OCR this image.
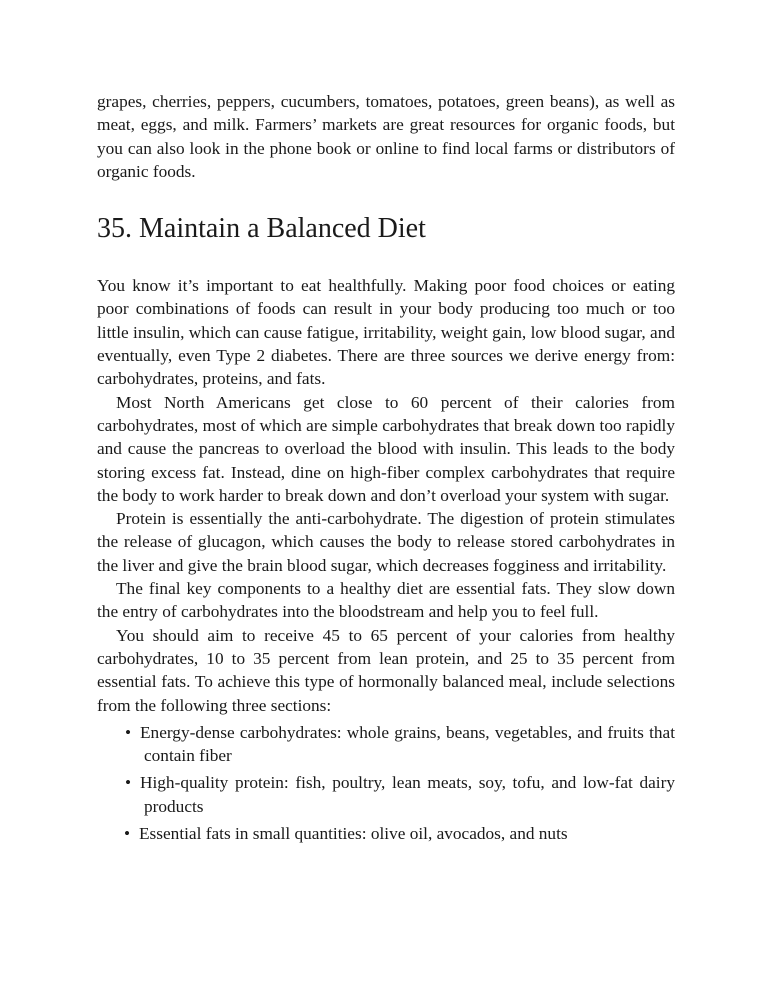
grapes, cherries, peppers, cucumbers, tomatoes, potatoes, green beans), as well as meat, eggs, and milk. Farmers’ markets are great resources for organic foods, but you can also look in the phone book or online to find local farms or distributors of organic foods.

35. Maintain a Balanced Diet

You know it’s important to eat healthfully. Making poor food choices or eating poor combinations of foods can result in your body producing too much or too little insulin, which can cause fatigue, irritability, weight gain, low blood sugar, and eventually, even Type 2 diabetes. There are three sources we derive energy from: carbohydrates, proteins, and fats.

Most North Americans get close to 60 percent of their calories from carbohydrates, most of which are simple carbohydrates that break down too rapidly and cause the pancreas to overload the blood with insulin. This leads to the body storing excess fat. Instead, dine on high-fiber complex carbohydrates that require the body to work harder to break down and don’t overload your system with sugar.

Protein is essentially the anti-carbohydrate. The digestion of protein stimulates the release of glucagon, which causes the body to release stored carbohydrates in the liver and give the brain blood sugar, which decreases fogginess and irritability.

The final key components to a healthy diet are essential fats. They slow down the entry of carbohydrates into the bloodstream and help you to feel full.

You should aim to receive 45 to 65 percent of your calories from healthy carbohydrates, 10 to 35 percent from lean protein, and 25 to 35 percent from essential fats. To achieve this type of hormonally balanced meal, include selections from the following three sections:

• Energy-dense carbohydrates: whole grains, beans, vegetables, and fruits that contain fiber
• High-quality protein: fish, poultry, lean meats, soy, tofu, and low-fat dairy products
• Essential fats in small quantities: olive oil, avocados, and nuts
